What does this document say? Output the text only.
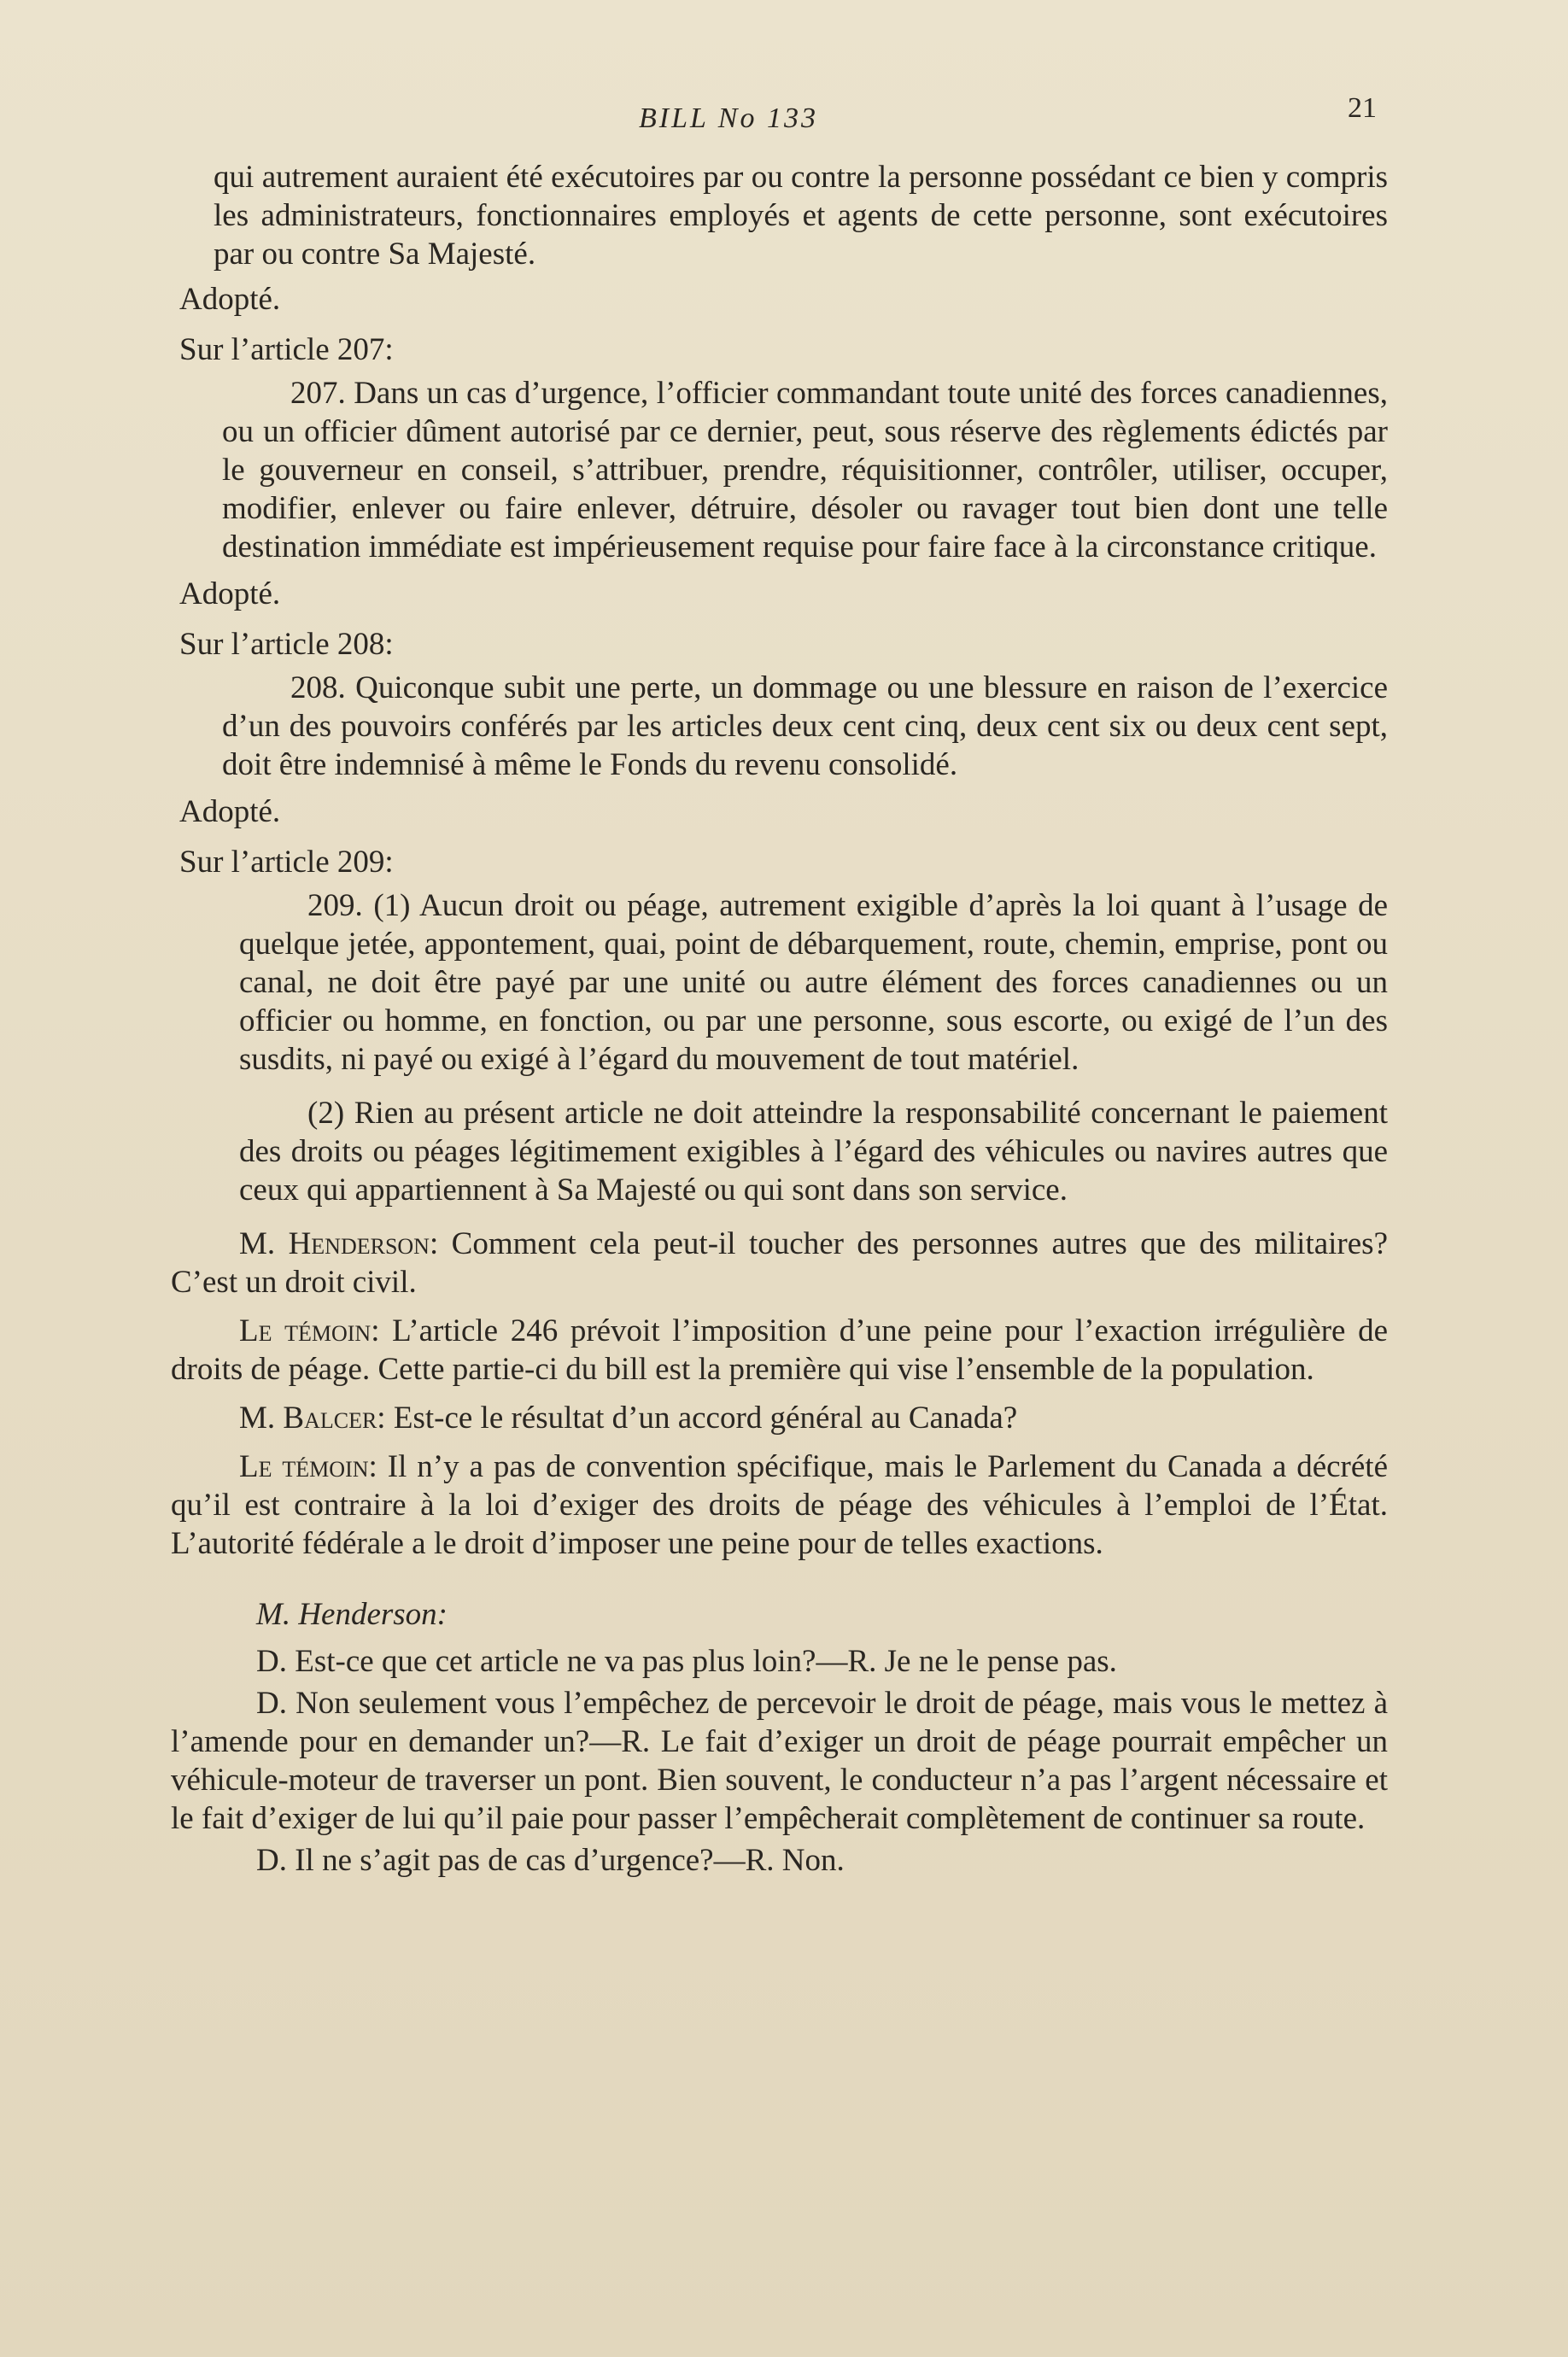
BILL No 133	21

qui autrement auraient été exécutoires par ou contre la personne possédant ce bien y compris les administrateurs, fonctionnaires employés et agents de cette personne, sont exécutoires par ou contre Sa Majesté.

Adopté.

Sur l’article 207:

207. Dans un cas d’urgence, l’officier commandant toute unité des forces canadiennes, ou un officier dûment autorisé par ce dernier, peut, sous réserve des règlements édictés par le gouverneur en conseil, s’attribuer, prendre, réquisitionner, contrôler, utiliser, occuper, modifier, enlever ou faire enlever, détruire, désoler ou ravager tout bien dont une telle destination immédiate est impérieusement requise pour faire face à la circonstance critique.

Adopté.

Sur l’article 208:

208. Quiconque subit une perte, un dommage ou une blessure en raison de l’exercice d’un des pouvoirs conférés par les articles deux cent cinq, deux cent six ou deux cent sept, doit être indemnisé à même le Fonds du revenu consolidé.

Adopté.

Sur l’article 209:

209. (1) Aucun droit ou péage, autrement exigible d’après la loi quant à l’usage de quelque jetée, appontement, quai, point de débarquement, route, chemin, emprise, pont ou canal, ne doit être payé par une unité ou autre élément des forces canadiennes ou un officier ou homme, en fonction, ou par une personne, sous escorte, ou exigé de l’un des susdits, ni payé ou exigé à l’égard du mouvement de tout matériel.

(2) Rien au présent article ne doit atteindre la responsabilité concernant le paiement des droits ou péages légitimement exigibles à l’égard des véhicules ou navires autres que ceux qui appartiennent à Sa Majesté ou qui sont dans son service.

M. Henderson: Comment cela peut-il toucher des personnes autres que des militaires? C’est un droit civil.

Le témoin: L’article 246 prévoit l’imposition d’une peine pour l’exaction irrégulière de droits de péage. Cette partie-ci du bill est la première qui vise l’ensemble de la population.

M. Balcer: Est-ce le résultat d’un accord général au Canada?

Le témoin: Il n’y a pas de convention spécifique, mais le Parlement du Canada a décrété qu’il est contraire à la loi d’exiger des droits de péage des véhicules à l’emploi de l’État. L’autorité fédérale a le droit d’imposer une peine pour de telles exactions.

M. Henderson:

D. Est-ce que cet article ne va pas plus loin?—R. Je ne le pense pas.

D. Non seulement vous l’empêchez de percevoir le droit de péage, mais vous le mettez à l’amende pour en demander un?—R. Le fait d’exiger un droit de péage pourrait empêcher un véhicule-moteur de traverser un pont. Bien souvent, le conducteur n’a pas l’argent nécessaire et le fait d’exiger de lui qu’il paie pour passer l’empêcherait complètement de continuer sa route.

D. Il ne s’agit pas de cas d’urgence?—R. Non.
